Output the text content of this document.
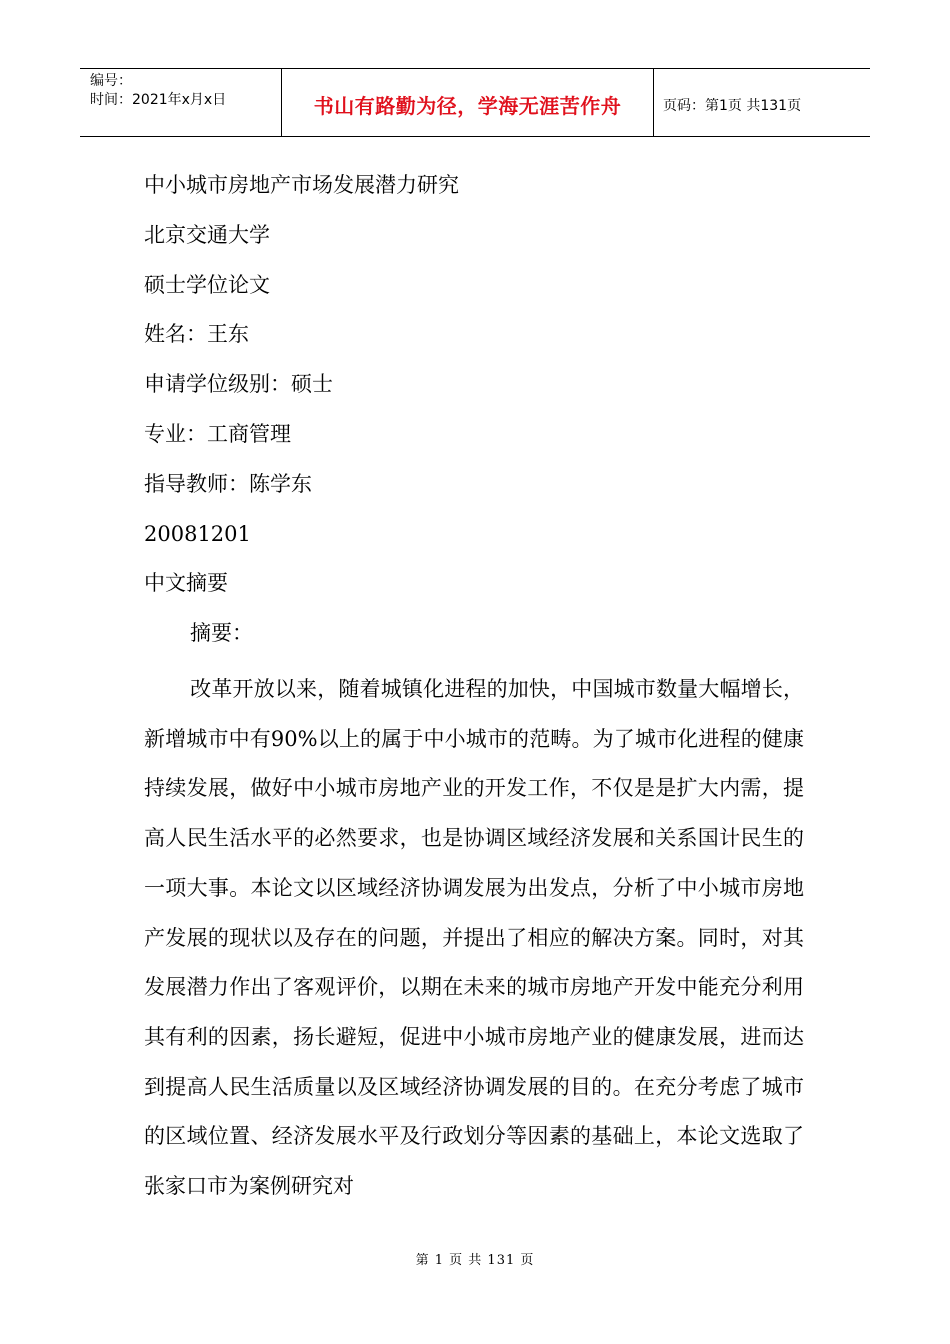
编号：
时间：2021年x月x日	书山有路勤为径，学海无涯苦作舟	页码：第1页 共131页
中小城市房地产市场发展潜力研究
北京交通大学
硕士学位论文
姓名：王东
申请学位级别：硕士
专业：工商管理
指导教师：陈学东
20081201
中文摘要
摘要：
改革开放以来，随着城镇化进程的加快，中国城市数量大幅增长，新增城市中有90%以上的属于中小城市的范畴。为了城市化进程的健康持续发展，做好中小城市房地产业的开发工作，不仅是是扩大内需，提高人民生活水平的必然要求，也是协调区域经济发展和关系国计民生的一项大事。本论文以区域经济协调发展为出发点，分析了中小城市房地产发展的现状以及存在的问题，并提出了相应的解决方案。同时，对其发展潜力作出了客观评价，以期在未来的城市房地产开发中能充分利用其有利的因素，扬长避短，促进中小城市房地产业的健康发展，进而达到提高人民生活质量以及区域经济协调发展的目的。在充分考虑了城市的区域位置、经济发展水平及行政划分等因素的基础上，本论文选取了张家口市为案例研究对
第 1 页 共 131 页
